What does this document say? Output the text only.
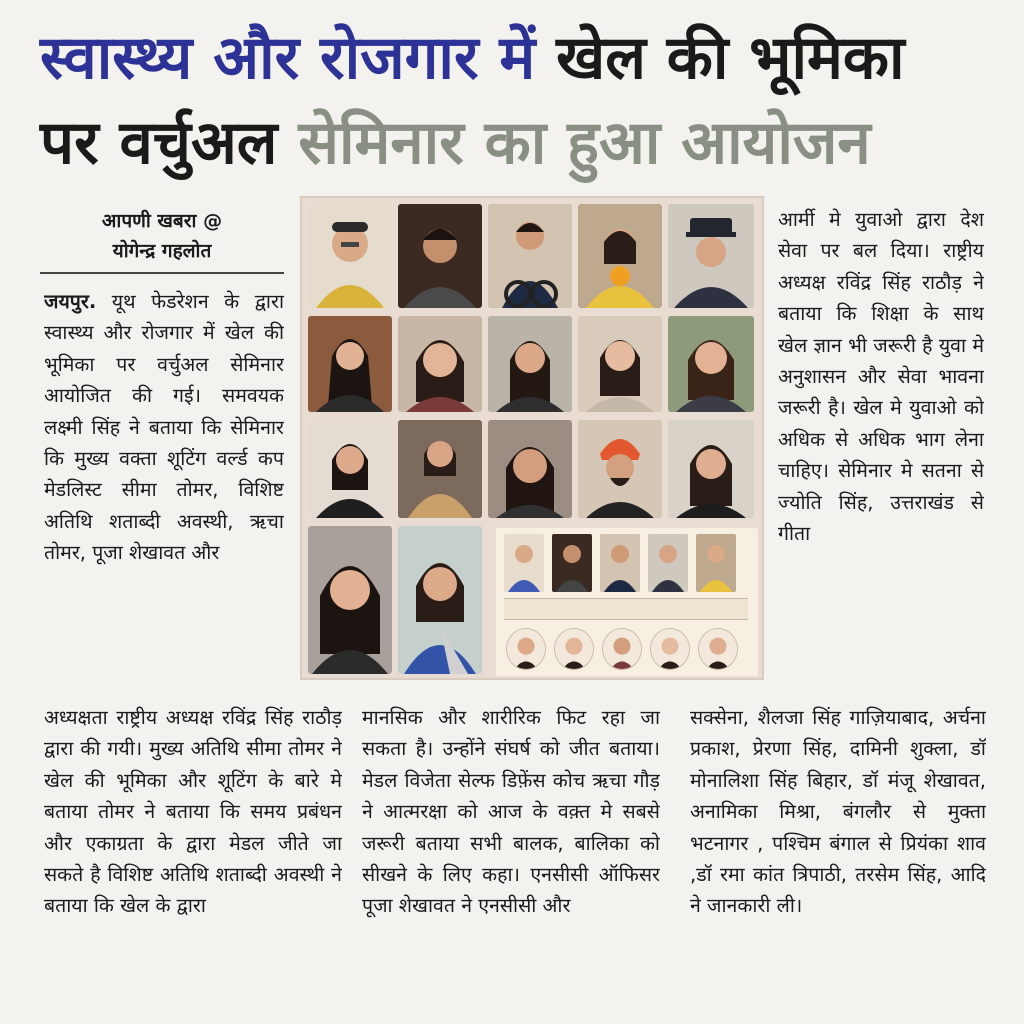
स्वास्थ्य और रोजगार में खेल की भूमिका
पर वर्चुअल सेमिनार का हुआ आयोजन
आपणी खबरा @
योगेन्द्र गहलोत
जयपुर. यूथ फेडरेशन के द्वारा स्वास्थ्य और रोजगार में खेल की भूमिका पर वर्चुअल सेमिनार आयोजित की गई। समवयक लक्ष्मी सिंह ने बताया कि सेमिनार कि मुख्य वक्ता शूटिंग वर्ल्ड कप मेडलिस्ट सीमा तोमर, विशिष्ट अतिथि शताब्दी अवस्थी, ऋचा तोमर, पूजा शेखावत और
आर्मी मे युवाओ द्वारा देश सेवा पर बल दिया। राष्ट्रीय अध्यक्ष रविंद्र सिंह राठौड़ ने बताया कि शिक्षा के साथ खेल ज्ञान भी जरूरी है युवा मे अनुशासन और सेवा भावना जरूरी है। खेल मे युवाओ को अधिक से अधिक भाग लेना चाहिए। सेमिनार मे सतना से ज्योति सिंह, उत्तराखंड से गीता
अध्यक्षता राष्ट्रीय अध्यक्ष रविंद्र सिंह राठौड़ द्वारा की गयी। मुख्य अतिथि सीमा तोमर ने खेल की भूमिका और शूटिंग के बारे मे बताया तोमर ने बताया कि समय प्रबंधन और एकाग्रता के द्वारा मेडल जीते जा सकते है विशिष्ट अतिथि शताब्दी अवस्थी ने बताया कि खेल के द्वारा
मानसिक और शारीरिक फिट रहा जा सकता है। उन्होंने संघर्ष को जीत बताया। मेडल विजेता सेल्फ डिफ़ेंस कोच ऋचा गौड़ ने आत्मरक्षा को आज के वक़्त मे सबसे जरूरी बताया सभी बालक, बालिका को सीखने के लिए कहा। एनसीसी ऑफिसर पूजा शेखावत ने एनसीसी और
सक्सेना, शैलजा सिंह गाज़ियाबाद, अर्चना प्रकाश, प्रेरणा सिंह, दामिनी शुक्ला, डॉ मोनालिशा सिंह बिहार, डॉ मंजू शेखावत, अनामिका मिश्रा, बंगलौर से मुक्ता भटनागर , पश्चिम बंगाल से प्रियंका शाव ,डॉ रमा कांत त्रिपाठी, तरसेम सिंह, आदि ने जानकारी ली।
